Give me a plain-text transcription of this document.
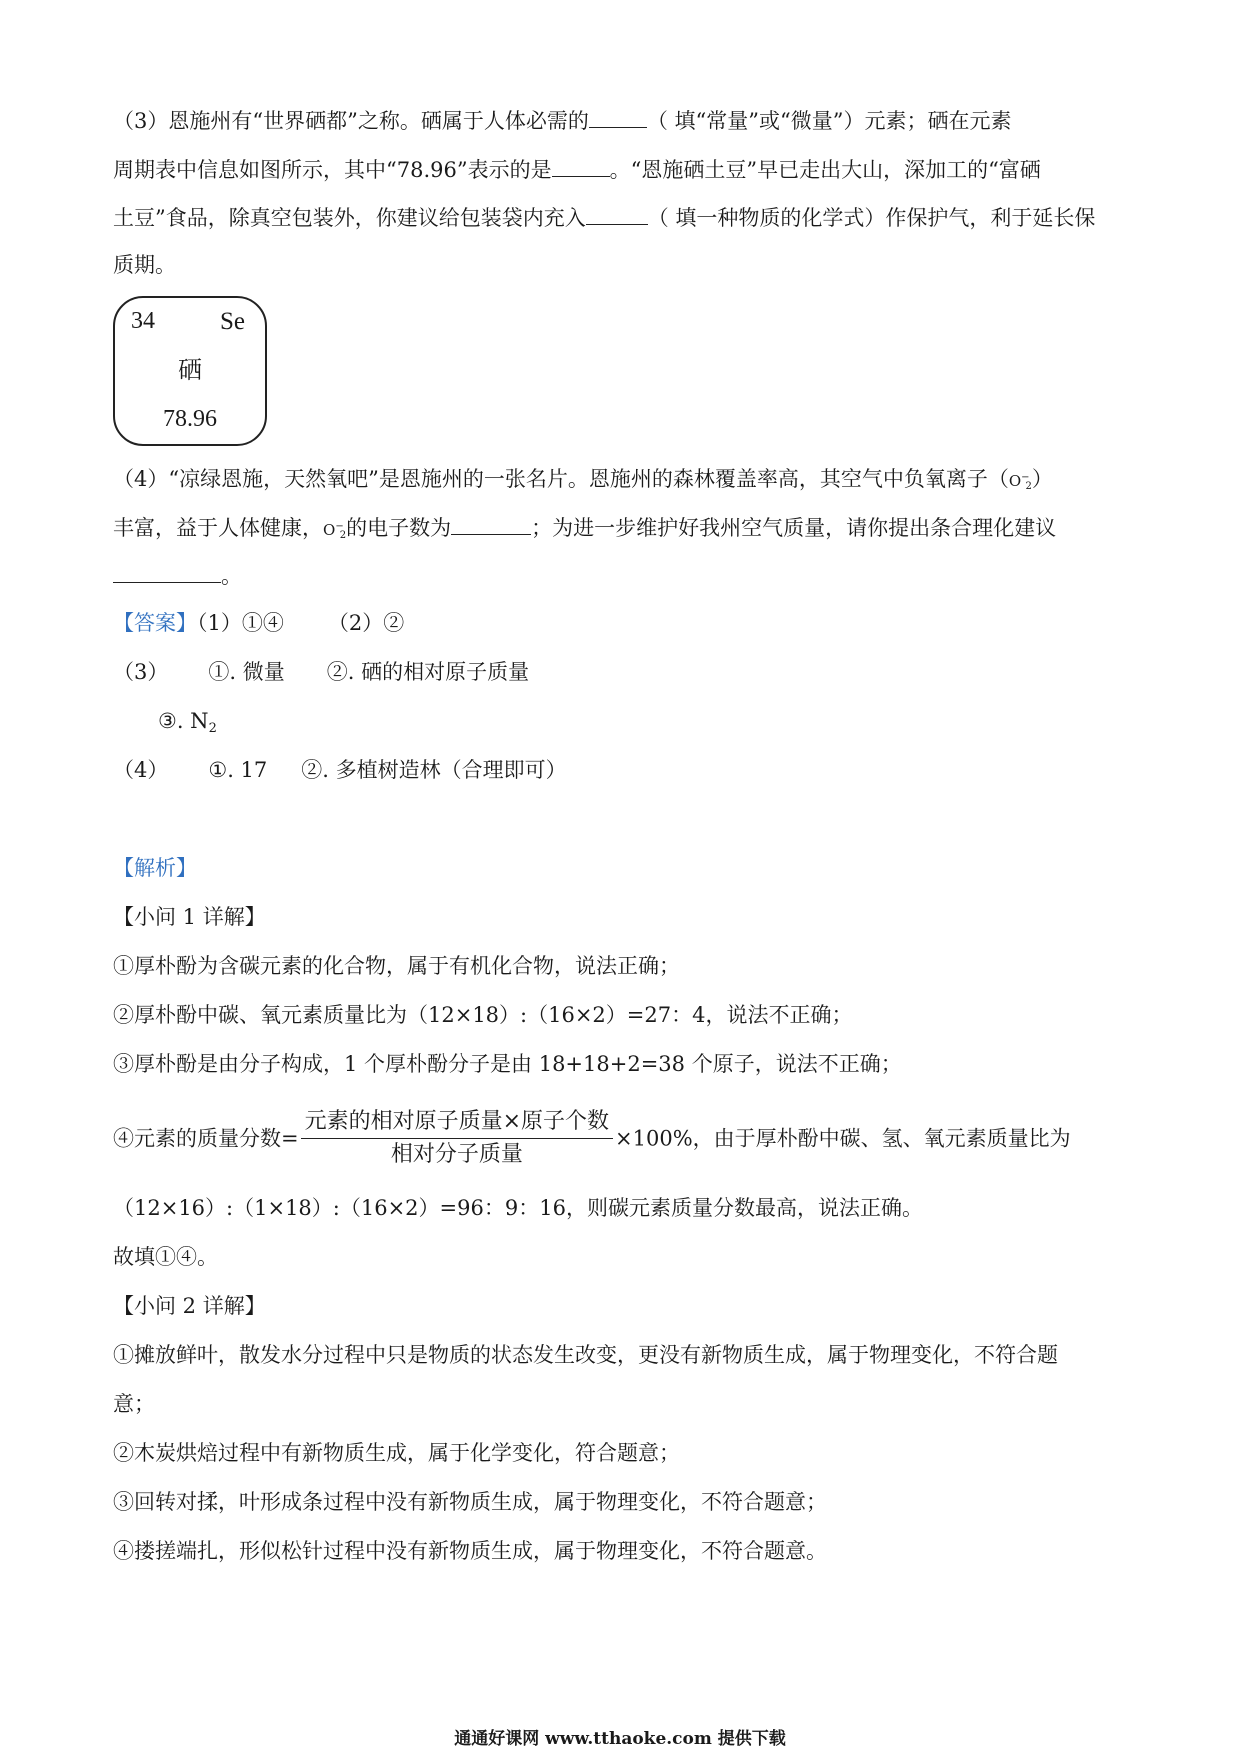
（3）恩施州有“世界硒都”之称。硒属于人体必需的	（ 填“常量”或“微量”）元素；硒在元素
周期表中信息如图所示，其中“78.96”表示的是	。“恩施硒土豆”早已走出大山，深加工的“富硒
土豆”食品，除真空包装外，你建议给包装袋内充入	（ 填一种物质的化学式）作保护气，利于延长保
质期。
34	Se
硒
78.96
（4）“凉绿恩施，天然氧吧”是恩施州的一张名片。恩施州的森林覆盖率高，其空气中负氧离子$(O^-_2)$
丰富，益于人体健康，$O^-_2$的电子数为	；为进一步维护好我州空气质量，请你提出条合理化建议
。
【答案】（1）①④ （2）②
（3） ①. 微量 ②. 硒的相对原子质量
③. $N_2$
（4） ①. 17 ②. 多植树造林（合理即可）
【解析】
【小问 1 详解】
①厚朴酚为含碳元素的化合物，属于有机化合物，说法正确；
②厚朴酚中碳、氧元素质量比为（12×18）:（16×2）=27：4，说法不正确；
③厚朴酚是由分子构成，1 个厚朴酚分子是由 18+18+2=38 个原子，说法不正确；
④元素的质量分数= $\frac{\text{元素的相对原子质量×原子个数}}{\text{相对分子质量}} \times 100\%$，由于厚朴酚中碳、氢、氧元素质量比为
（12×16）:（1×18）:（16×2）=96：9：16，则碳元素质量分数最高，说法正确。
故填①④。
【小问 2 详解】
①摊放鲜叶，散发水分过程中只是物质的状态发生改变，更没有新物质生成，属于物理变化，不符合题
意；
②木炭烘焙过程中有新物质生成，属于化学变化，符合题意；
③回转对揉，叶形成条过程中没有新物质生成，属于物理变化，不符合题意；
④搂搓端扎，形似松针过程中没有新物质生成，属于物理变化，不符合题意。
通通好课网 www.tthaoke.com 提供下载
